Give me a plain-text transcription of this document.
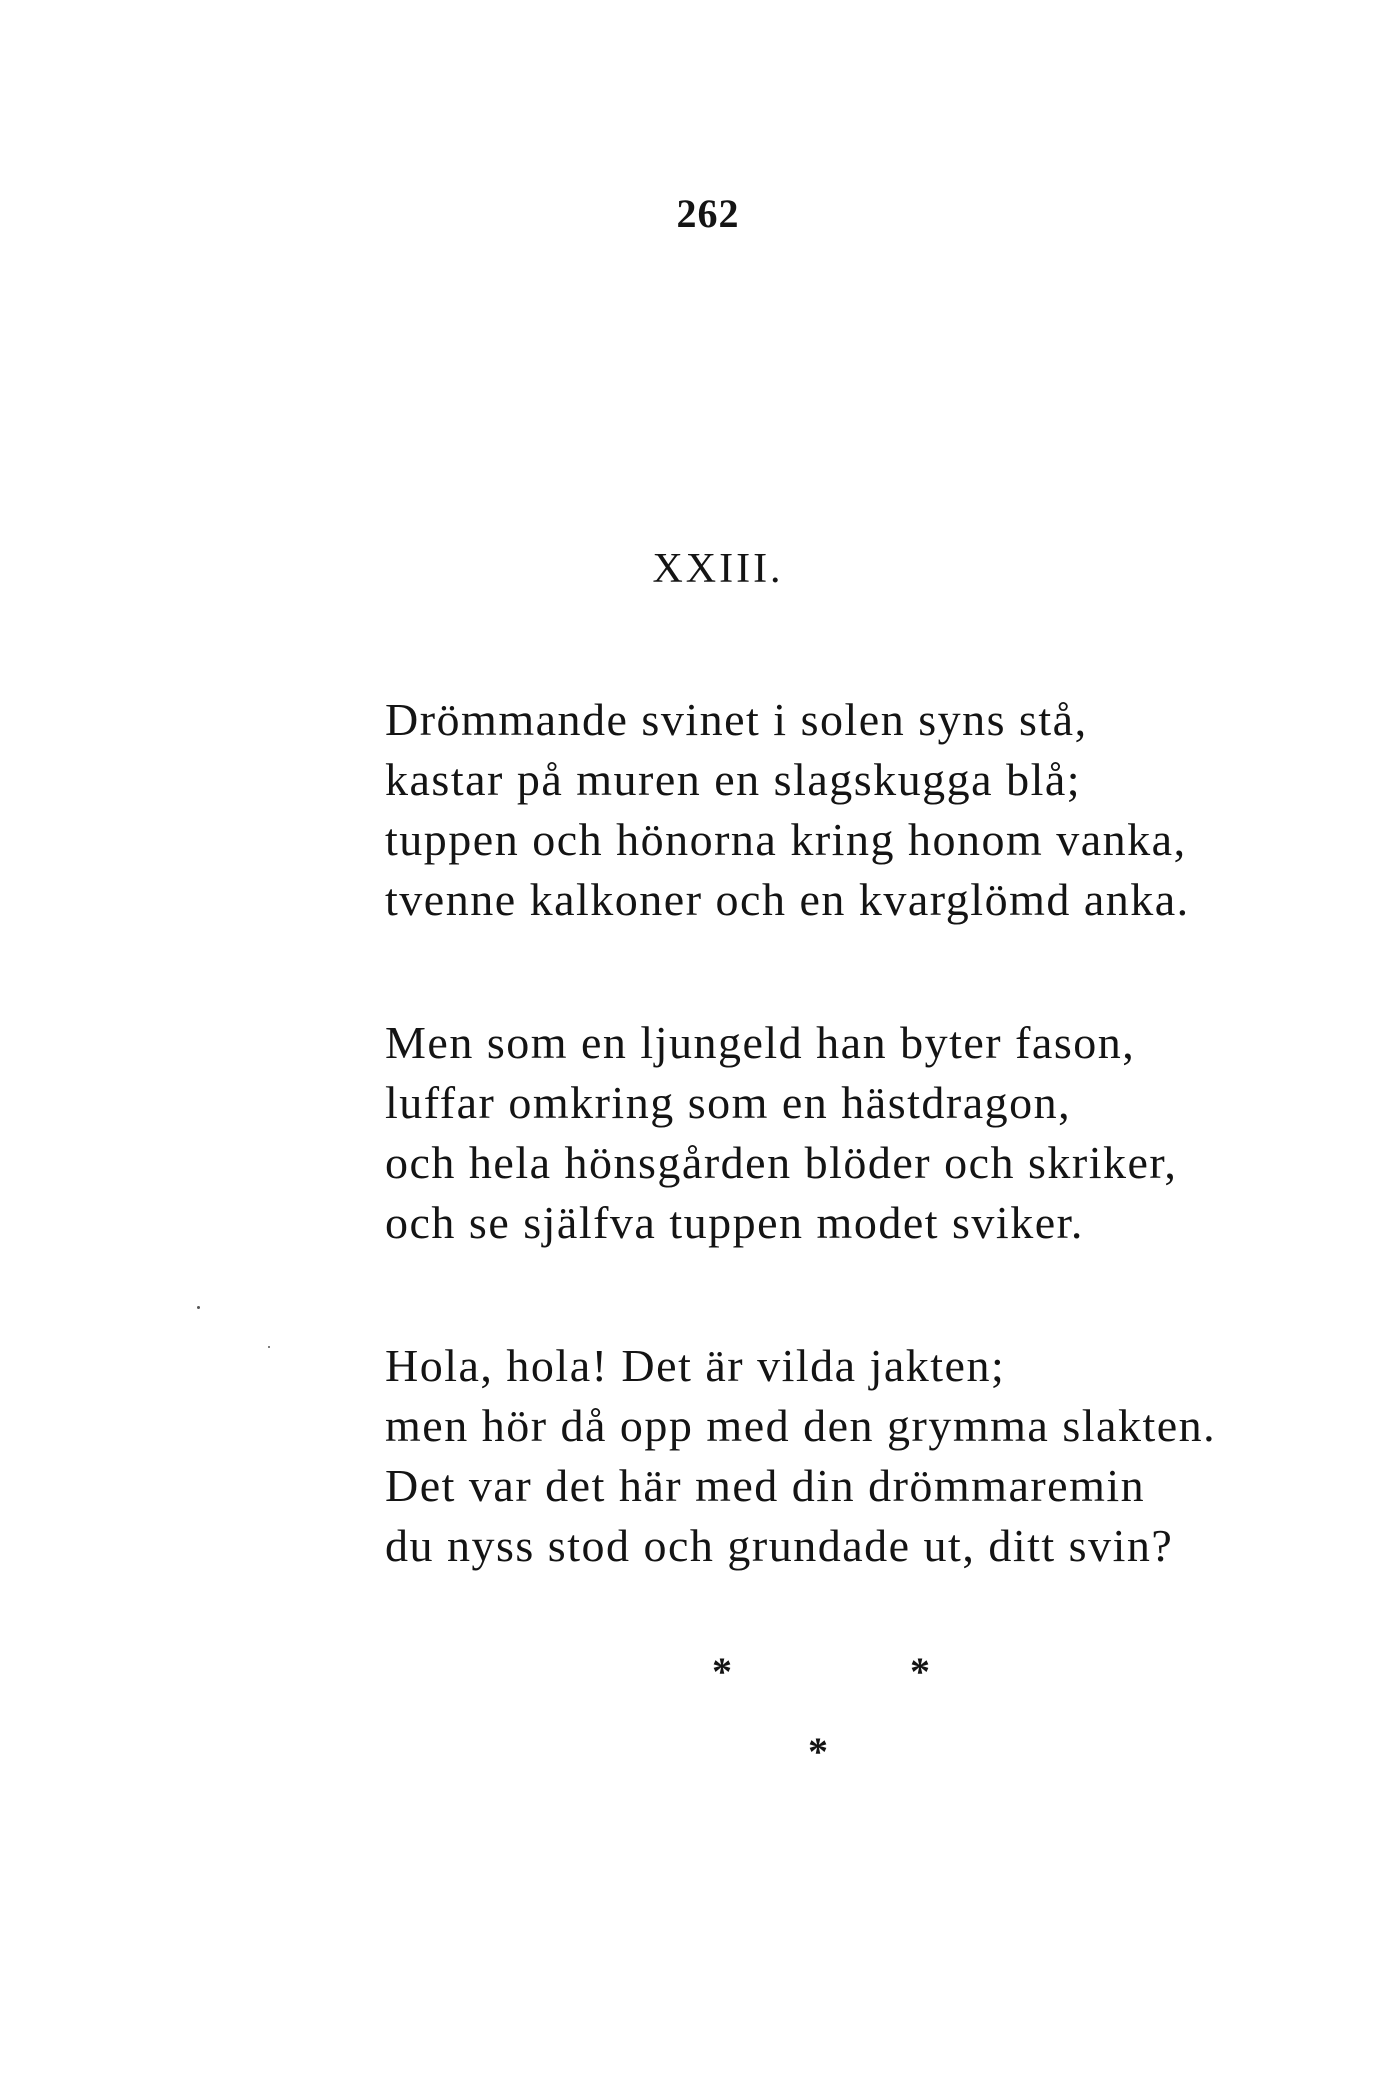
262
XXIII.
Drömmande svinet i solen syns stå,
kastar på muren en slagskugga blå;
tuppen och hönorna kring honom vanka,
tvenne kalkoner och en kvarglömd anka.
Men som en ljungeld han byter fason,
luffar omkring som en hästdragon,
och hela hönsgården blöder och skriker,
och se själfva tuppen modet sviker.
Hola, hola! Det är vilda jakten;
men hör då opp med den grymma slakten.
Det var det här med din drömmaremin
du nyss stod och grundade ut, ditt svin?
*	*
*
